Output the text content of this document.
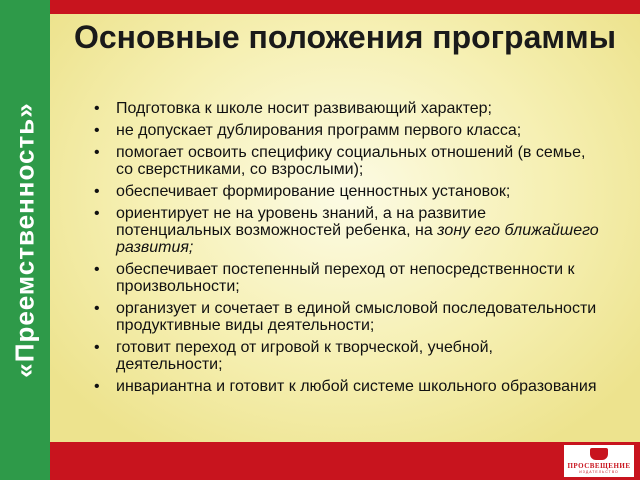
«Преемственность»
Основные положения программы
• Подготовка к школе носит развивающий характер;
• не допускает дублирования программ первого класса;
• помогает освоить специфику социальных отношений (в семье, со сверстниками, со взрослыми);
• обеспечивает формирование ценностных установок;
• ориентирует не на уровень знаний, а на развитие потенциальных возможностей ребенка, на зону его ближайшего развития;
• обеспечивает постепенный переход от непосредственности к произвольности;
• организует и сочетает в единой смысловой последовательности продуктивные виды деятельности;
• готовит переход от игровой к творческой, учебной, деятельности;
• инвариантна и готовит к любой системе школьного образования
ПРОСВЕЩЕНИЕ
ИЗДАТЕЛЬСТВО
